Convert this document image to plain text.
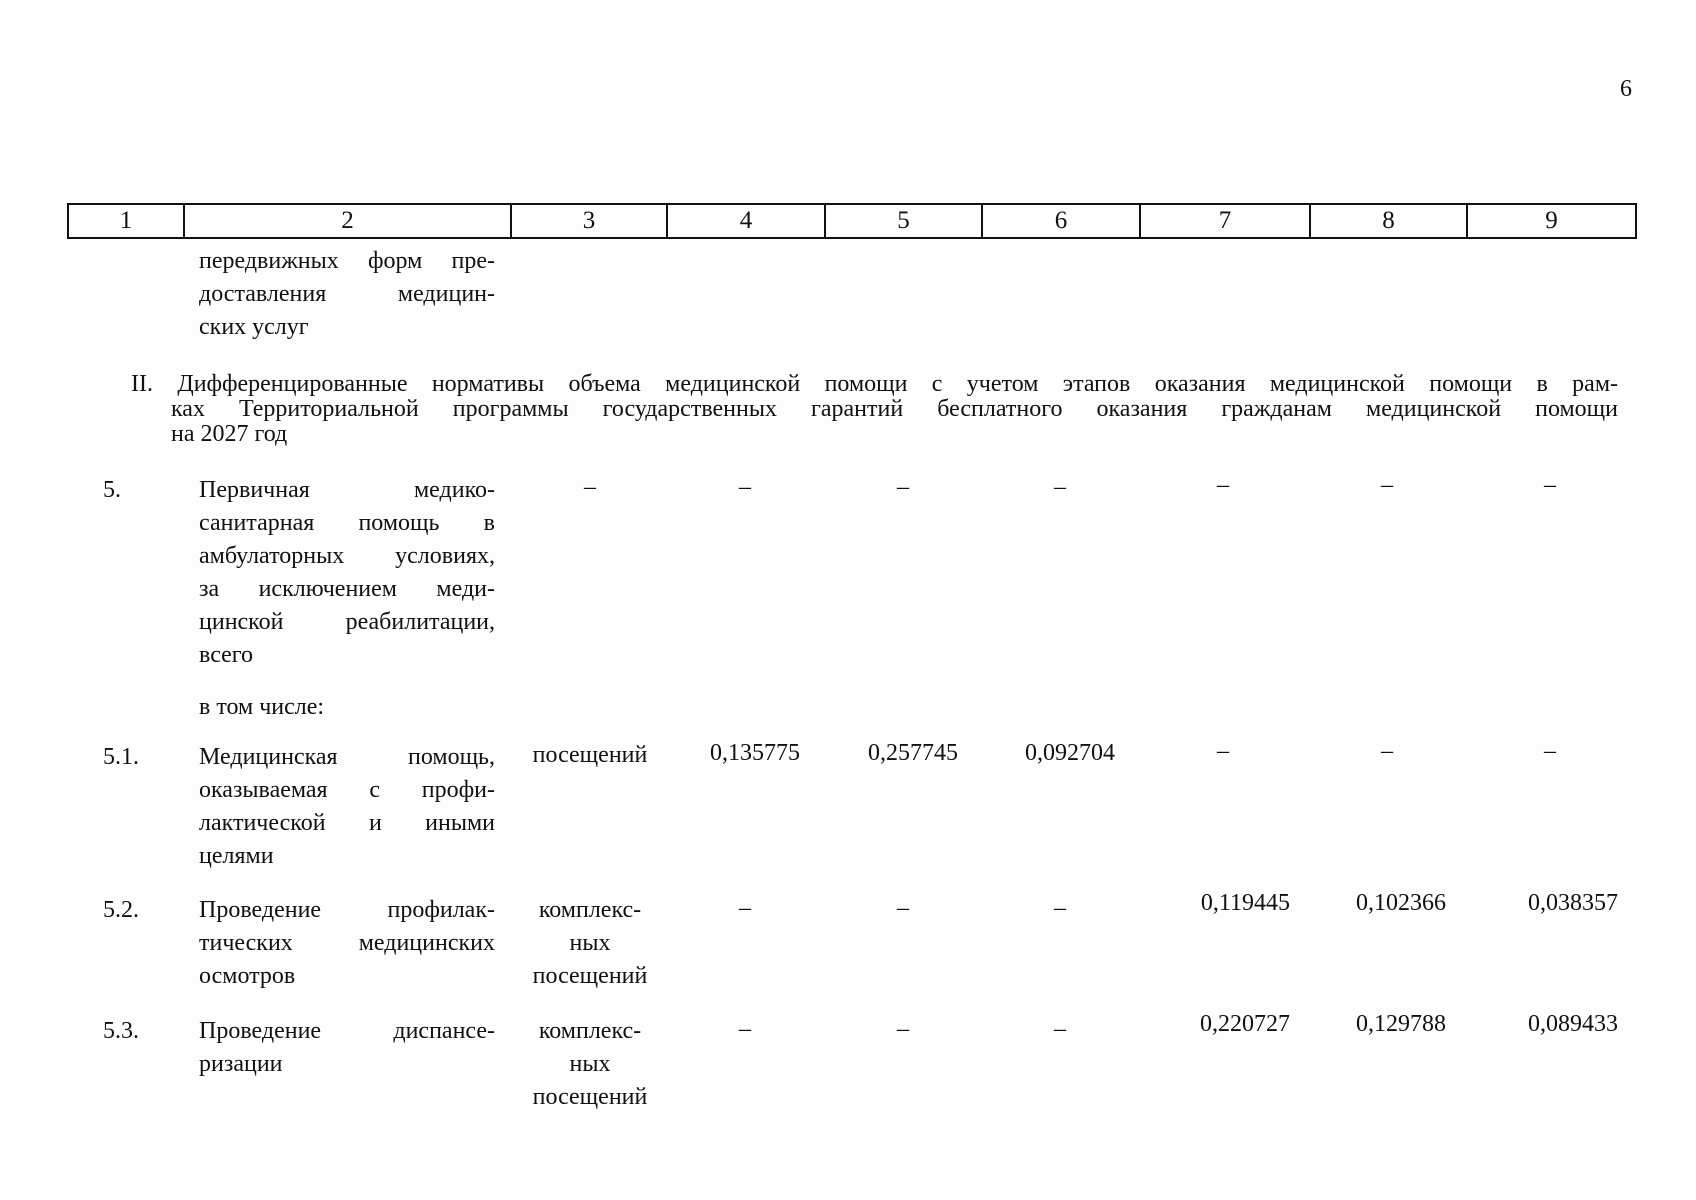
6
1	2	3	4	5	6	7	8	9
передвижных форм пре-
доставления медицин-
ских услуг
II. Дифференцированные нормативы объема медицинской помощи с учетом этапов оказания медицинской помощи в рам-
ках Территориальной программы государственных гарантий бесплатного оказания гражданам медицинской помощи
на 2027 год
5.	Первичная медико-
санитарная помощь в
амбулаторных условиях,
за исключением меди-
цинской реабилитации,
всего
–	–	–	–	–	–	–
в том числе:
5.1.	Медицинская помощь,
оказываемая с профи-
лактической и иными
целями
посещений	0,135775	0,257745	0,092704	–	–	–
5.2.	Проведение профилак-
тических медицинских
осмотров
комплекс-
ных
посещений
–	–	–	0,119445	0,102366	0,038357
5.3.	Проведение диспансе-
ризации
комплекс-
ных
посещений
–	–	–	0,220727	0,129788	0,089433
